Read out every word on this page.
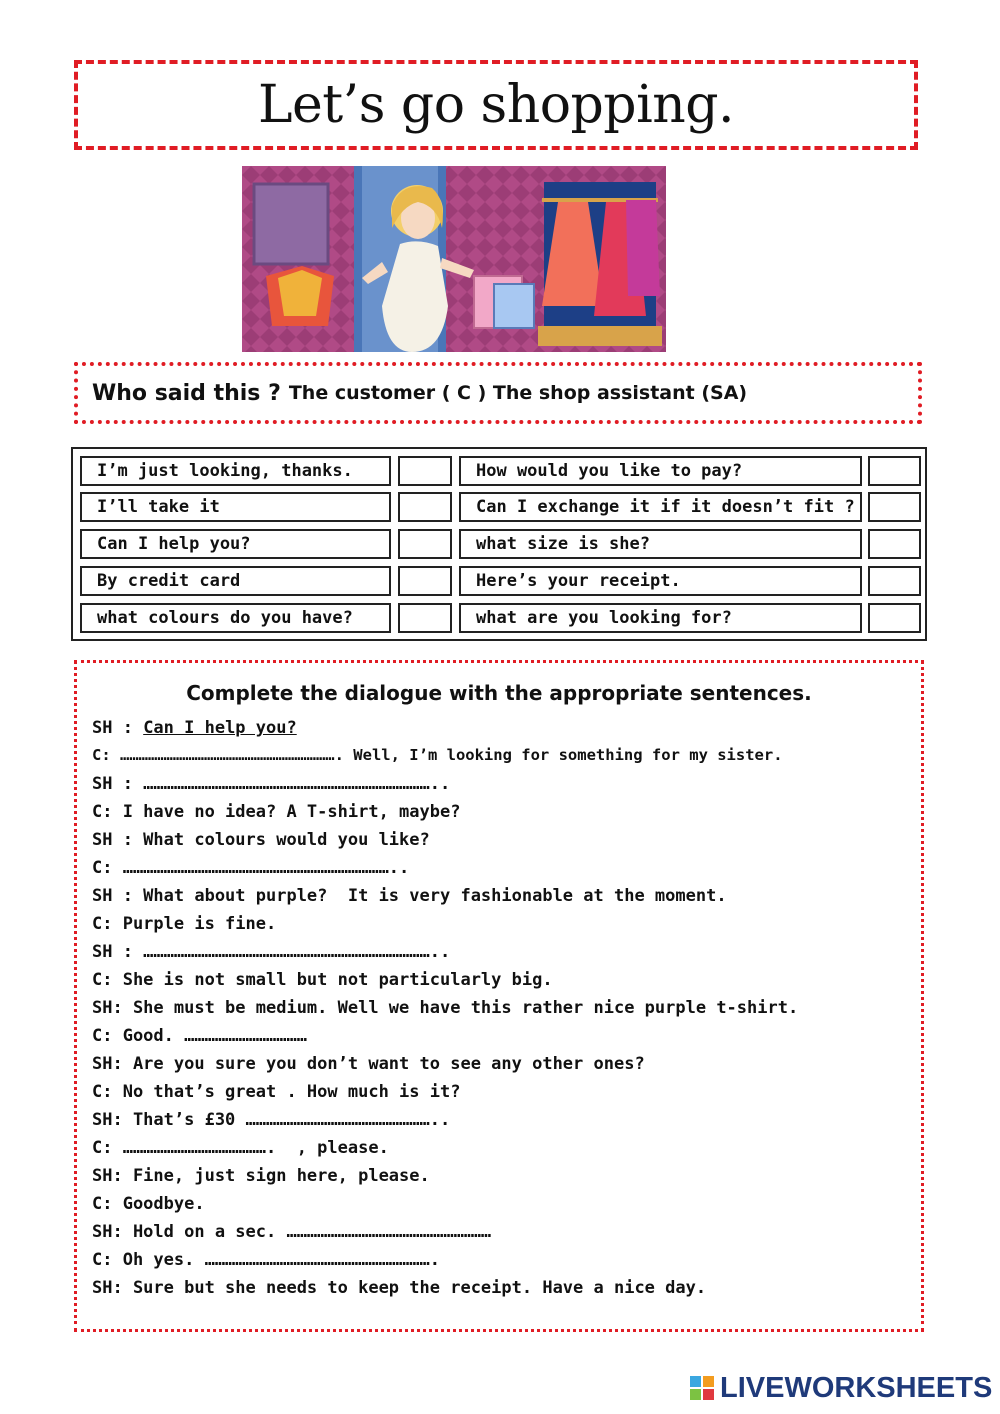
Let’s go shopping.
Who said this ? The customer ( C ) The shop assistant (SA)
I’m just looking, thanks.	How would you like to pay?
I’ll take it	Can I exchange it if it doesn’t fit ?
Can I help you?	what size is she?
By credit card	Here’s your receipt.
what colours do you have?	what are you looking for?
Complete the dialogue with the appropriate sentences.
SH : Can I help you?
C: ……………………………………………………………. Well, I’m looking for something for my sister.
SH : …………………………………………………………………………..
C: I have no idea? A T-shirt, maybe?
SH : What colours would you like?
C: ……………………………………………………………………..
SH : What about purple?  It is very fashionable at the moment.
C: Purple is fine.
SH : …………………………………………………………………………..
C: She is not small but not particularly big.
SH: She must be medium. Well we have this rather nice purple t-shirt.
C: Good. ………………………………
SH: Are you sure you don’t want to see any other ones?
C: No that’s great . How much is it?
SH: That’s £30 ………………………………………………..
C: …………………………………….  , please.
SH: Fine, just sign here, please.
C: Goodbye.
SH: Hold on a sec. ……………………………………………………
C: Oh yes. ………………………………………………………….
SH: Sure but she needs to keep the receipt. Have a nice day.
LIVEWORKSHEETS
